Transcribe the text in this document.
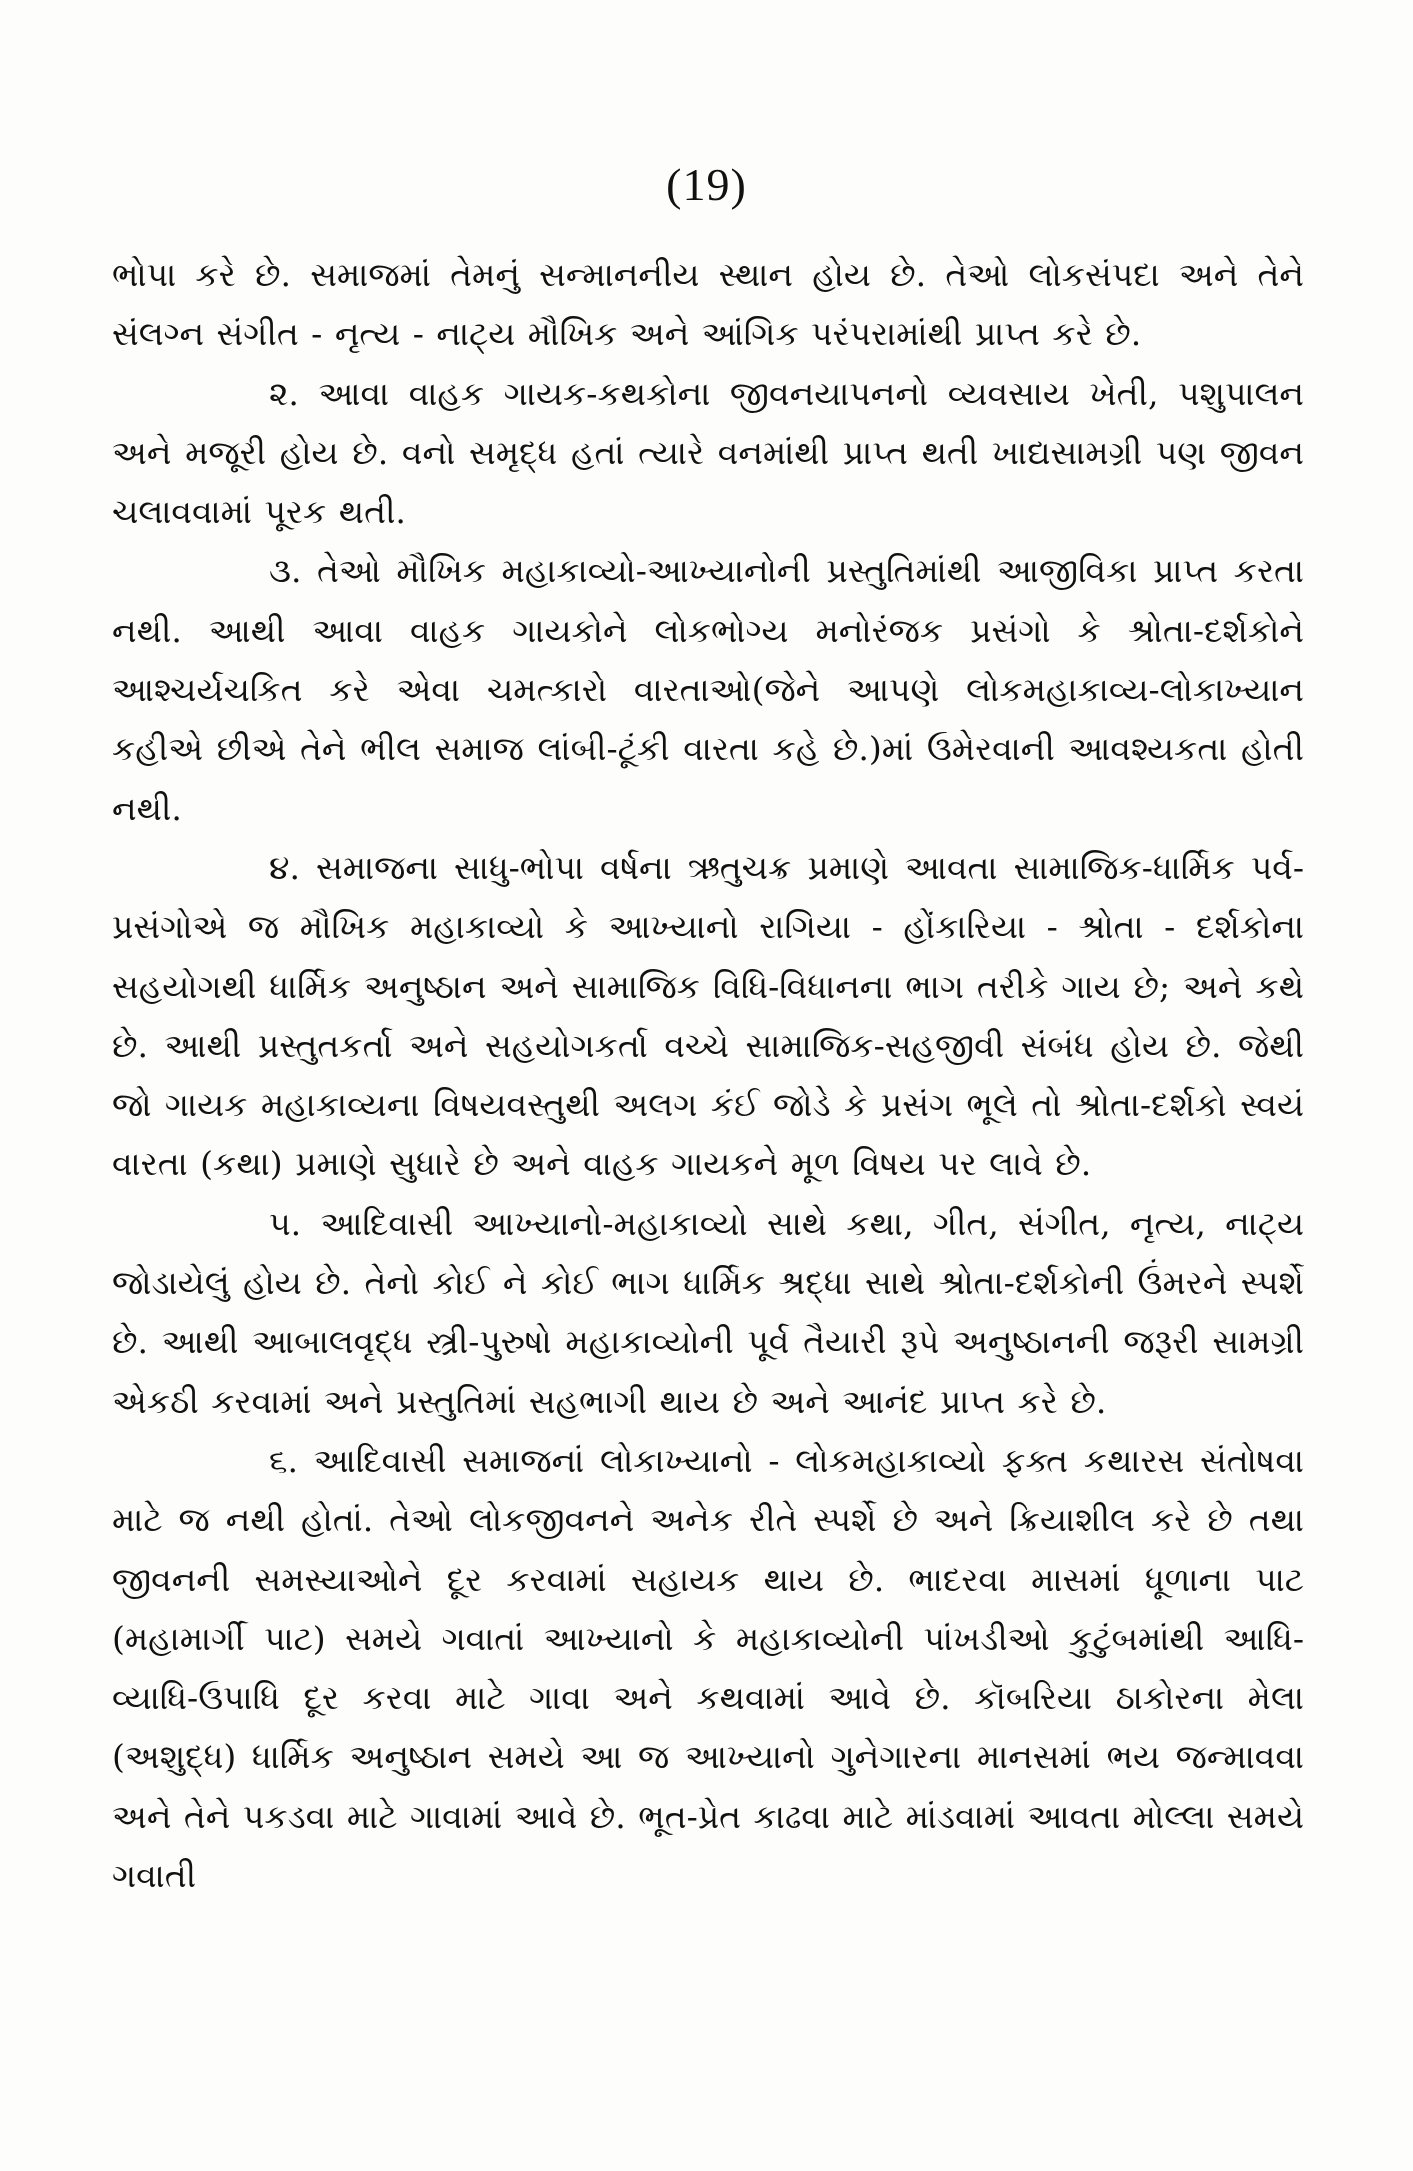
(19)

ભોપા કરે છે. સમાજમાં તેમનું સન્માનનીય સ્થાન હોય છે. તેઓ લોકસંપદા અને તેને સંલગ્ન સંગીત - નૃત્ય - નાટ્ય મૌખિક અને આંગિક પરંપરામાંથી પ્રાપ્ત કરે છે.

૨. આવા વાહક ગાયક-કથકોના જીવનયાપનનો વ્યવસાય ખેતી, પશુપાલન અને મજૂરી હોય છે. વનો સમૃદ્ધ હતાં ત્યારે વનમાંથી પ્રાપ્ત થતી ખાદ્યસામગ્રી પણ જીવન ચલાવવામાં પૂરક થતી.

૩. તેઓ મૌખિક મહાકાવ્યો-આખ્યાનોની પ્રસ્તુતિમાંથી આજીવિકા પ્રાપ્ત કરતા નથી. આથી આવા વાહક ગાયકોને લોકભોગ્ય મનોરંજક પ્રસંગો કે શ્રોતા-દર્શકોને આશ્ચર્યચકિત કરે એવા ચમત્કારો વારતાઓ(જેને આપણે લોકમહાકાવ્ય-લોકાખ્યાન કહીએ છીએ તેને ભીલ સમાજ લાંબી-ટૂંકી વારતા કહે છે.)માં ઉમેરવાની આવશ્યકતા હોતી નથી.

૪. સમાજના સાધુ-ભોપા વર્ષના ઋતુચક્ર પ્રમાણે આવતા સામાજિક-ધાર્મિક પર્વ-પ્રસંગોએ જ મૌખિક મહાકાવ્યો કે આખ્યાનો રાગિયા - હોંકારિયા - શ્રોતા - દર્શકોના સહયોગથી ધાર્મિક અનુષ્ઠાન અને સામાજિક વિધિ-વિધાનના ભાગ તરીકે ગાય છે; અને કથે છે. આથી પ્રસ્તુતકર્તા અને સહયોગકર્તા વચ્ચે સામાજિક-સહજીવી સંબંધ હોય છે. જેથી જો ગાયક મહાકાવ્યના વિષયવસ્તુથી અલગ કંઈ જોડે કે પ્રસંગ ભૂલે તો શ્રોતા-દર્શકો સ્વયં વારતા (કથા) પ્રમાણે સુધારે છે અને વાહક ગાયકને મૂળ વિષય પર લાવે છે.

૫. આદિવાસી આખ્યાનો-મહાકાવ્યો સાથે કથા, ગીત, સંગીત, નૃત્ય, નાટ્ય જોડાયેલું હોય છે. તેનો કોઈ ને કોઈ ભાગ ધાર્મિક શ્રદ્ધા સાથે શ્રોતા-દર્શકોની ઉંમરને સ્પર્શે છે. આથી આબાલવૃદ્ધ સ્ત્રી-પુરુષો મહાકાવ્યોની પૂર્વ તૈયારી રૂપે અનુષ્ઠાનની જરૂરી સામગ્રી એકઠી કરવામાં અને પ્રસ્તુતિમાં સહભાગી થાય છે અને આનંદ પ્રાપ્ત કરે છે.

૬. આદિવાસી સમાજનાં લોકાખ્યાનો - લોકમહાકાવ્યો ફક્ત કથારસ સંતોષવા માટે જ નથી હોતાં. તેઓ લોકજીવનને અનેક રીતે સ્પર્શે છે અને ક્રિયાશીલ કરે છે તથા જીવનની સમસ્યાઓને દૂર કરવામાં સહાયક થાય છે. ભાદરવા માસમાં ધૂળાના પાટ (મહામાર્ગી પાટ) સમયે ગવાતાં આખ્યાનો કે મહાકાવ્યોની પાંખડીઓ કુટુંબમાંથી આધિ-વ્યાધિ-ઉપાધિ દૂર કરવા માટે ગાવા અને કથવામાં આવે છે. કૉબરિયા ઠાકોરના મેલા (અશુદ્ધ) ધાર્મિક અનુષ્ઠાન સમયે આ જ આખ્યાનો ગુનેગારના માનસમાં ભય જન્માવવા અને તેને પકડવા માટે ગાવામાં આવે છે. ભૂત-પ્રેત કાઢવા માટે માંડવામાં આવતા મોલ્લા સમયે ગવાતી
